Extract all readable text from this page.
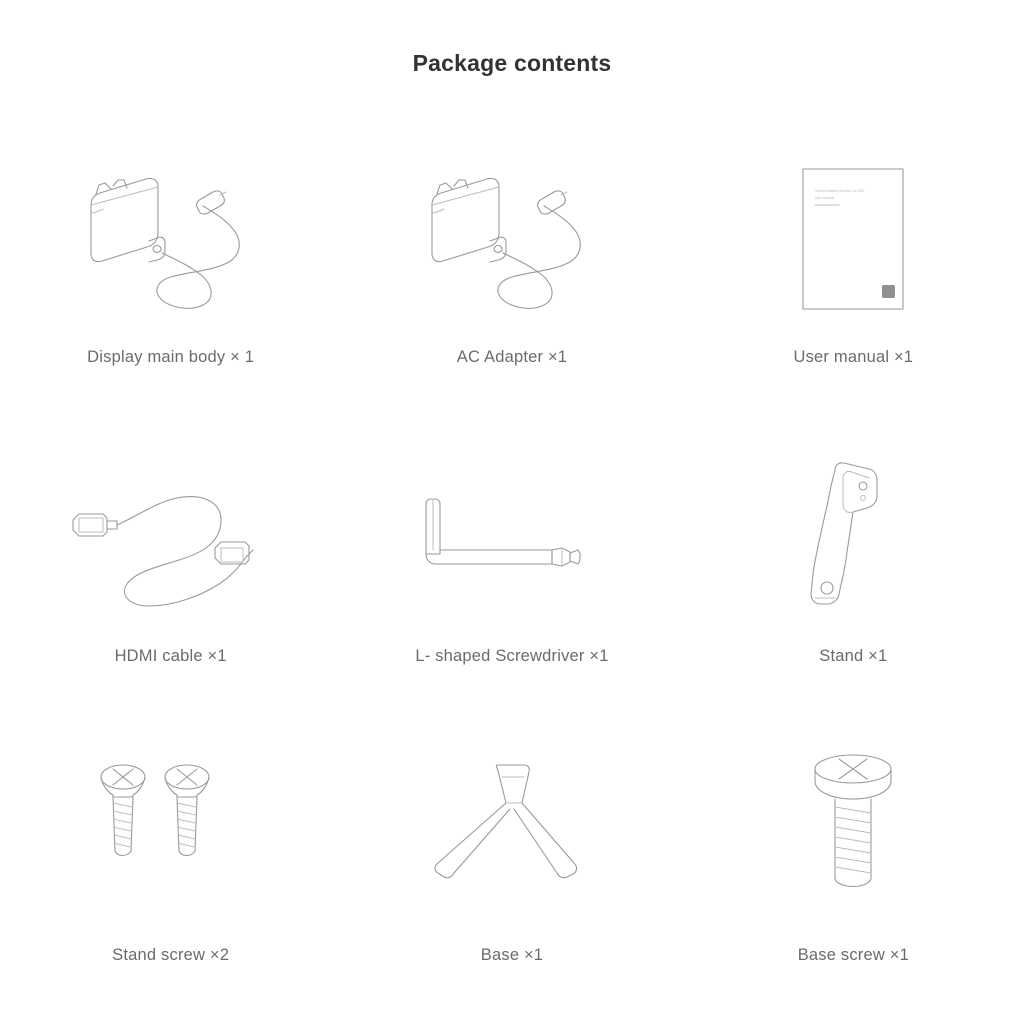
Package contents
Display main body × 1	AC Adapter ×1
Xiaomi Desktop Monitor 1A 23.8"
User Manual
User manual ×1
HDMI cable ×1	L- shaped Screwdriver ×1	Stand ×1
Stand screw ×2	Base ×1	Base screw ×1
